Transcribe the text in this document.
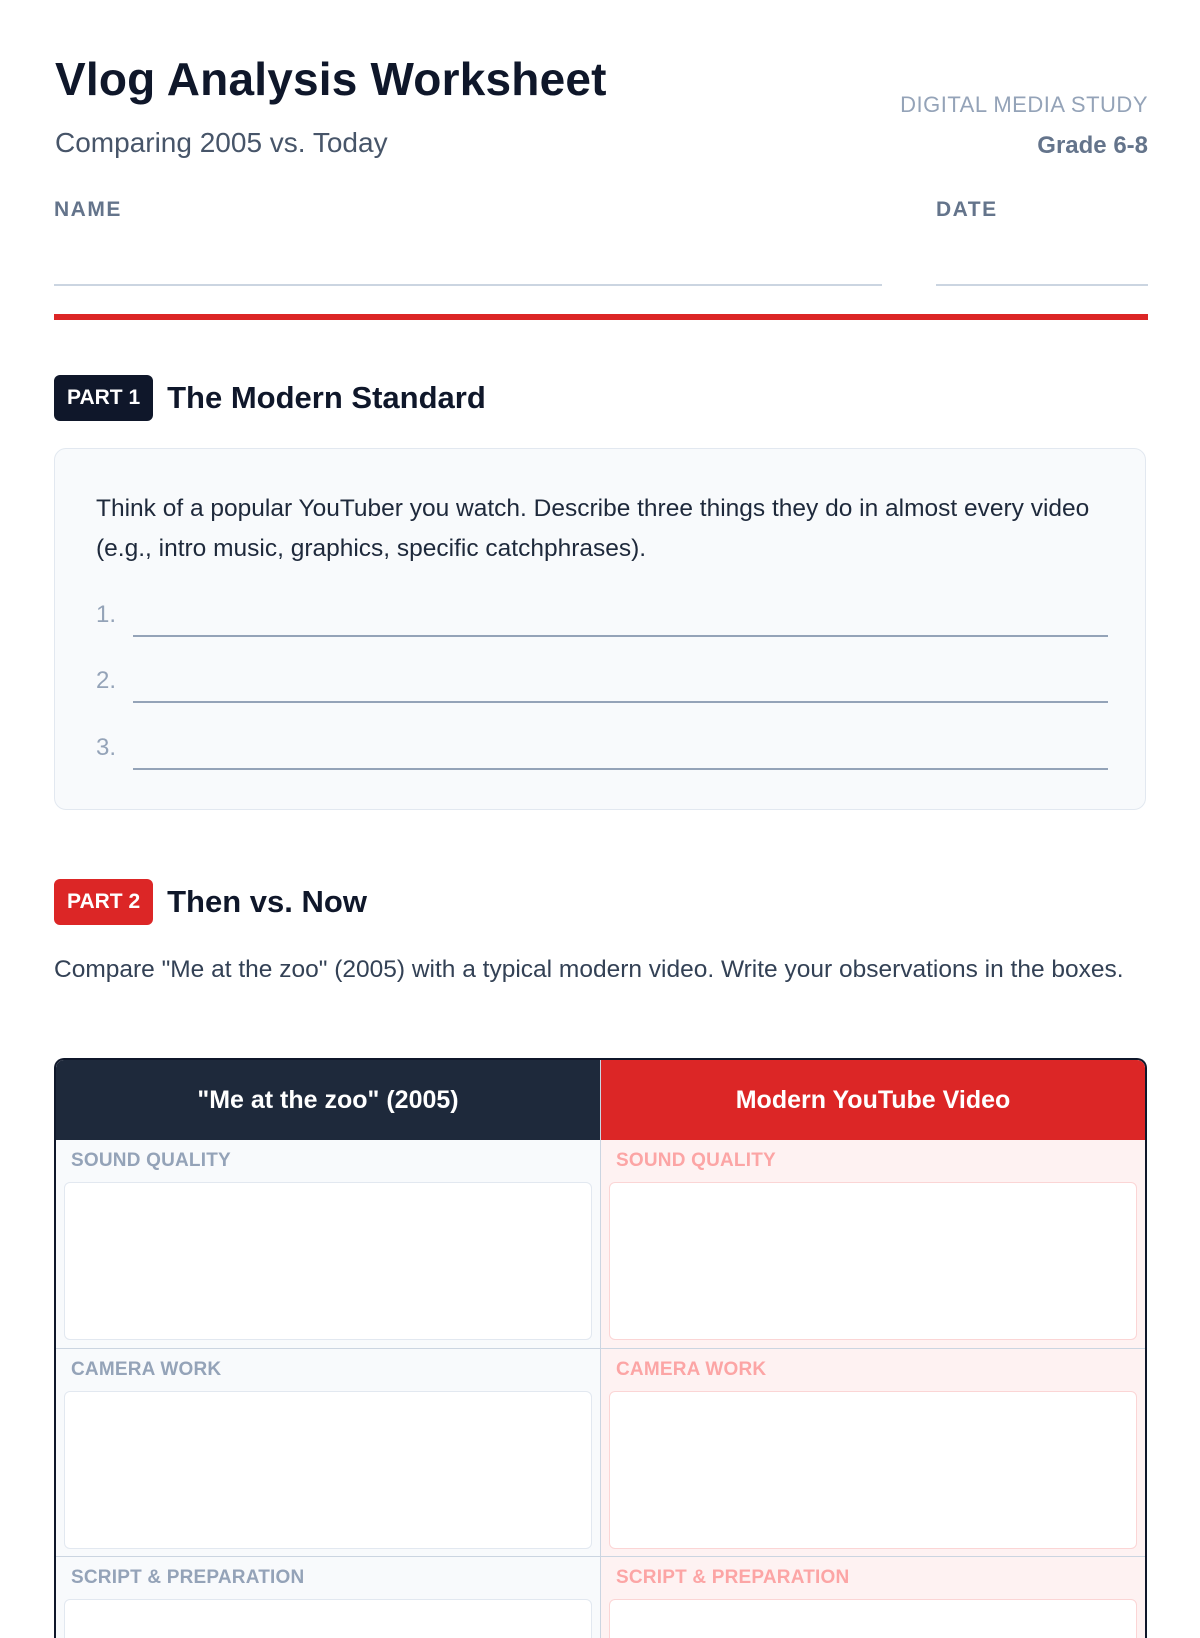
Vlog Analysis Worksheet
Comparing 2005 vs. Today
DIGITAL MEDIA STUDY
Grade 6-8
NAME	DATE
PART 1 The Modern Standard
Think of a popular YouTuber you watch. Describe three things they do in almost every video (e.g., intro music, graphics, specific catchphrases).
1.
2.
3.
PART 2 Then vs. Now
Compare "Me at the zoo" (2005) with a typical modern video. Write your observations in the boxes.
"Me at the zoo" (2005)
SOUND QUALITY
CAMERA WORK
SCRIPT & PREPARATION
Modern YouTube Video
SOUND QUALITY
CAMERA WORK
SCRIPT & PREPARATION
